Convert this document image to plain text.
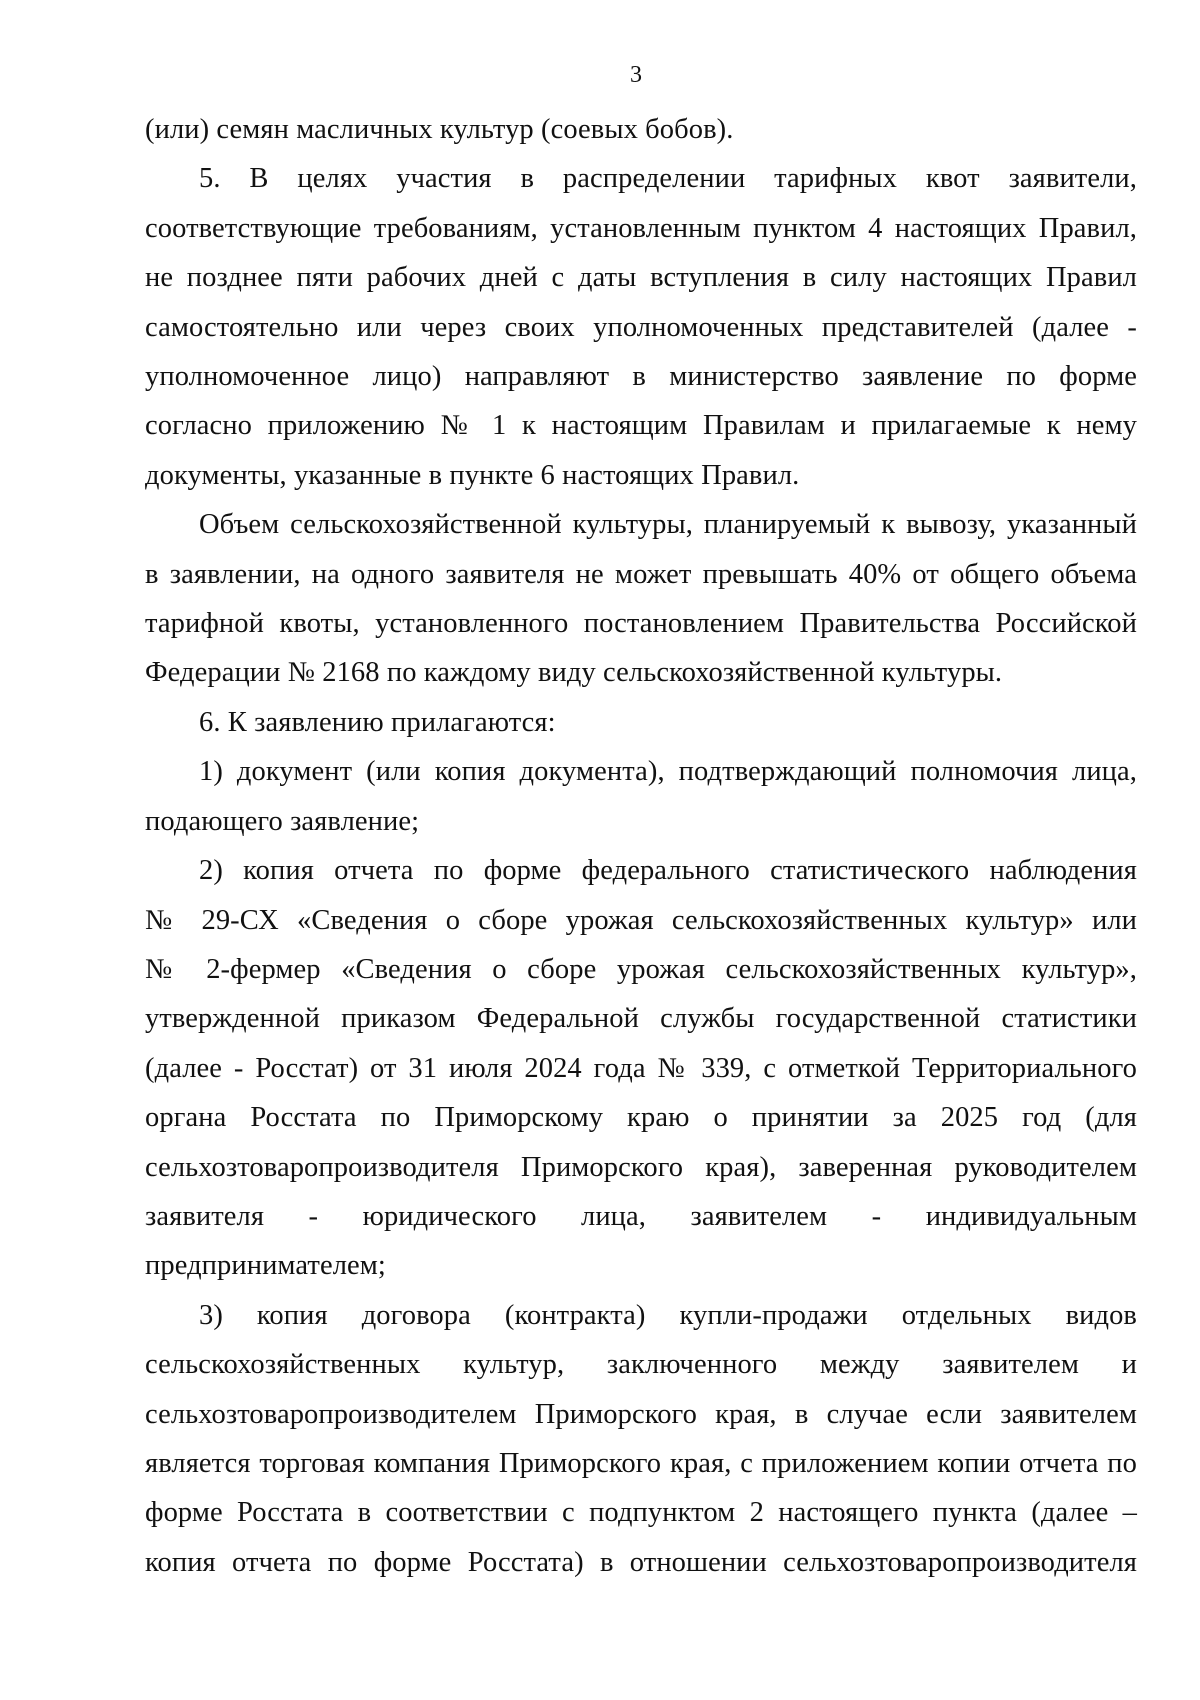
3

(или) семян масличных культур (соевых бобов).

5. В целях участия в распределении тарифных квот заявители,
соответствующие требованиям, установленным пунктом 4 настоящих Правил,
не позднее пяти рабочих дней с даты вступления в силу настоящих Правил
самостоятельно или через своих уполномоченных представителей (далее -
уполномоченное лицо) направляют в министерство заявление по форме
согласно приложению № 1 к настоящим Правилам и прилагаемые к нему
документы, указанные в пункте 6 настоящих Правил.

Объем сельскохозяйственной культуры, планируемый к вывозу, указанный
в заявлении, на одного заявителя не может превышать 40% от общего объема
тарифной квоты, установленного постановлением Правительства Российской
Федерации № 2168 по каждому виду сельскохозяйственной культуры.

6. К заявлению прилагаются:

1) документ (или копия документа), подтверждающий полномочия лица,
подающего заявление;

2) копия отчета по форме федерального статистического наблюдения
№ 29-СХ «Сведения о сборе урожая сельскохозяйственных культур» или
№ 2-фермер «Сведения о сборе урожая сельскохозяйственных культур»,
утвержденной приказом Федеральной службы государственной статистики
(далее - Росстат) от 31 июля 2024 года № 339, с отметкой Территориального
органа Росстата по Приморскому краю о принятии за 2025 год (для
сельхозтоваропроизводителя Приморского края), заверенная руководителем
заявителя - юридического лица, заявителем - индивидуальным
предпринимателем;

3) копия договора (контракта) купли-продажи отдельных видов
сельскохозяйственных культур, заключенного между заявителем и
сельхозтоваропроизводителем Приморского края, в случае если заявителем
является торговая компания Приморского края, с приложением копии отчета по
форме Росстата в соответствии с подпунктом 2 настоящего пункта (далее –
копия отчета по форме Росстата) в отношении сельхозтоваропроизводителя
